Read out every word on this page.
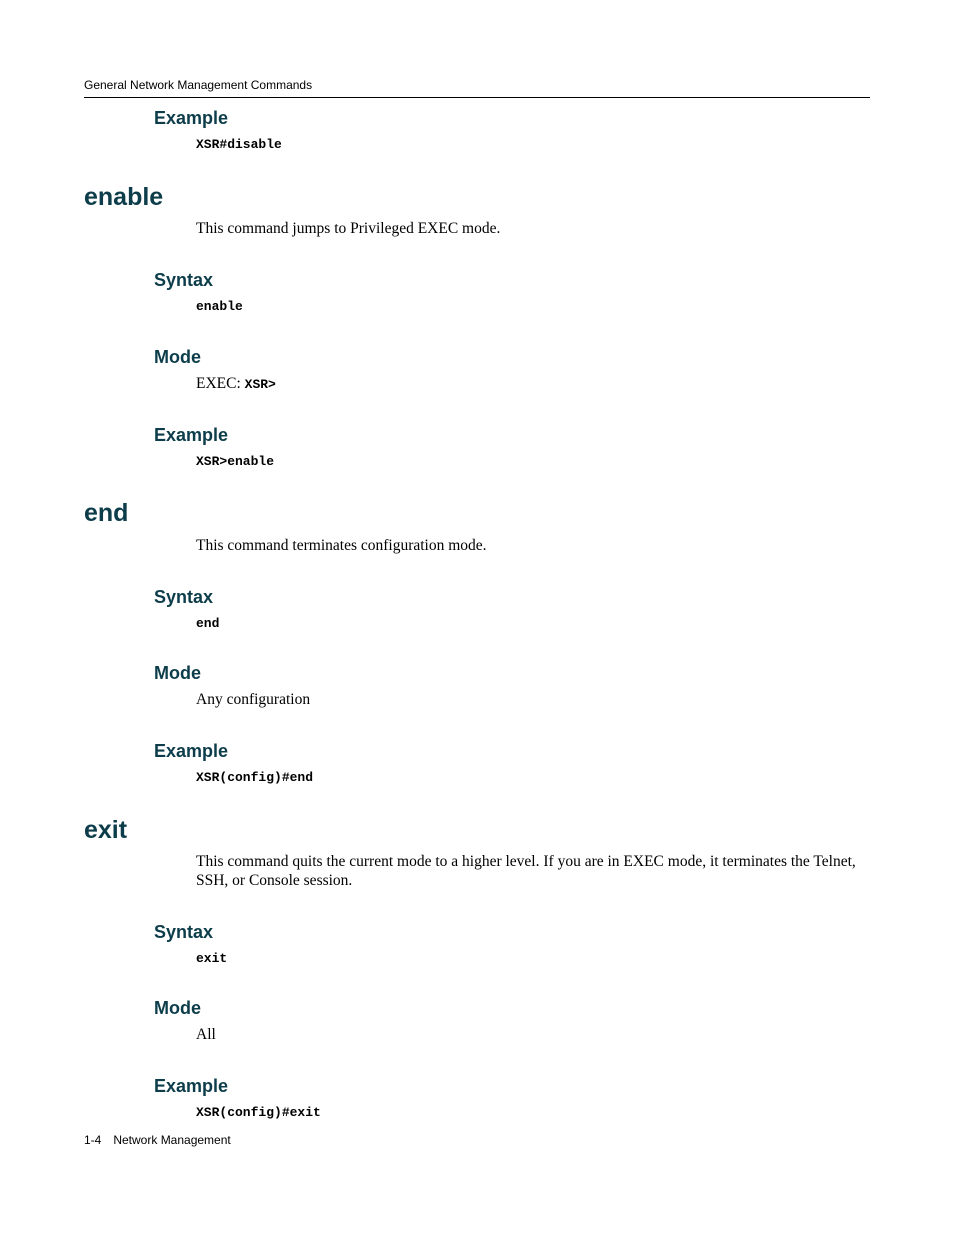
General Network Management Commands
Example
XSR#disable
enable
This command jumps to Privileged EXEC mode.
Syntax
enable
Mode
EXEC: XSR>
Example
XSR>enable
end
This command terminates configuration mode.
Syntax
end
Mode
Any configuration
Example
XSR(config)#end
exit
This command quits the current mode to a higher level. If you are in EXEC mode, it terminates the Telnet, SSH, or Console session.
Syntax
exit
Mode
All
Example
XSR(config)#exit
1-4 Network Management
